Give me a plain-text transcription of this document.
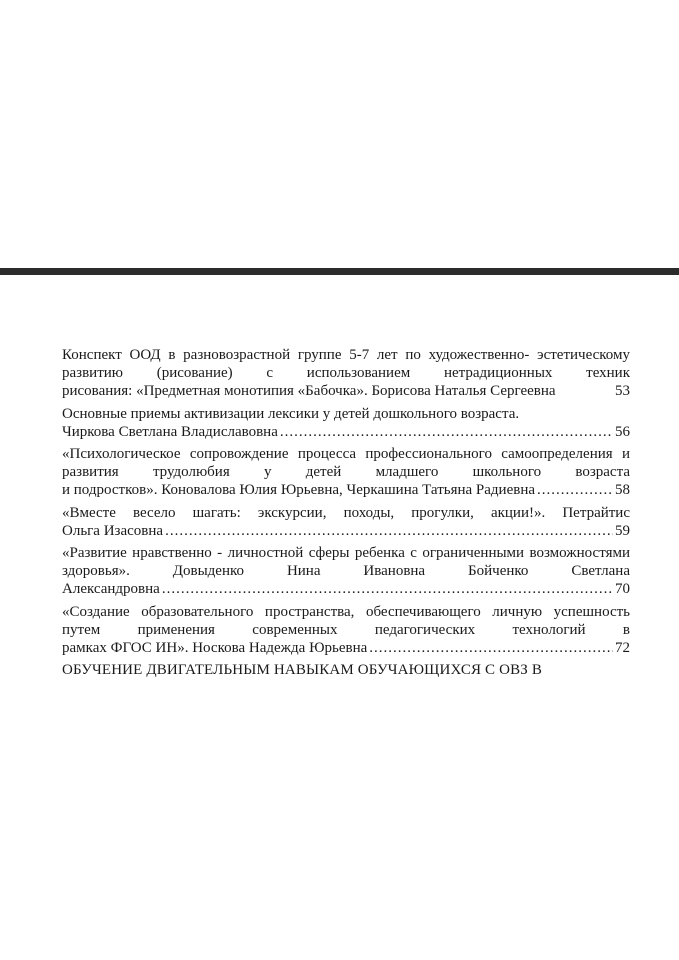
Конспект ООД в разновозрастной группе 5-7 лет по художественно- эстетическому развитию (рисование) с использованием нетрадиционных техник
рисования: «Предметная монотипия «Бабочка». Борисова Наталья Сергеевна	53
Основные приемы активизации лексики у детей дошкольного возраста.
Чиркова Светлана Владиславовна .....	56
«Психологическое сопровождение процесса профессионального самоопределения и развития трудолюбия у детей младшего школьного возраста
и подростков». Коновалова Юлия Юрьевна, Черкашина Татьяна Радиевна .....	58
«Вместе весело шагать: экскурсии, походы, прогулки, акции!». Петрайтис
Ольга Изасовна .....	59
«Развитие нравственно - личностной сферы ребенка с ограниченными возможностями здоровья». Довыденко Нина Ивановна Бойченко Светлана
Александровна .....	70
«Создание образовательного пространства, обеспечивающего личную успешность путем применения современных педагогических технологий в
рамках ФГОС ИН». Носкова Надежда Юрьевна .....	72
ОБУЧЕНИЕ ДВИГАТЕЛЬНЫМ НАВЫКАМ ОБУЧАЮЩИХСЯ С ОВЗ В
